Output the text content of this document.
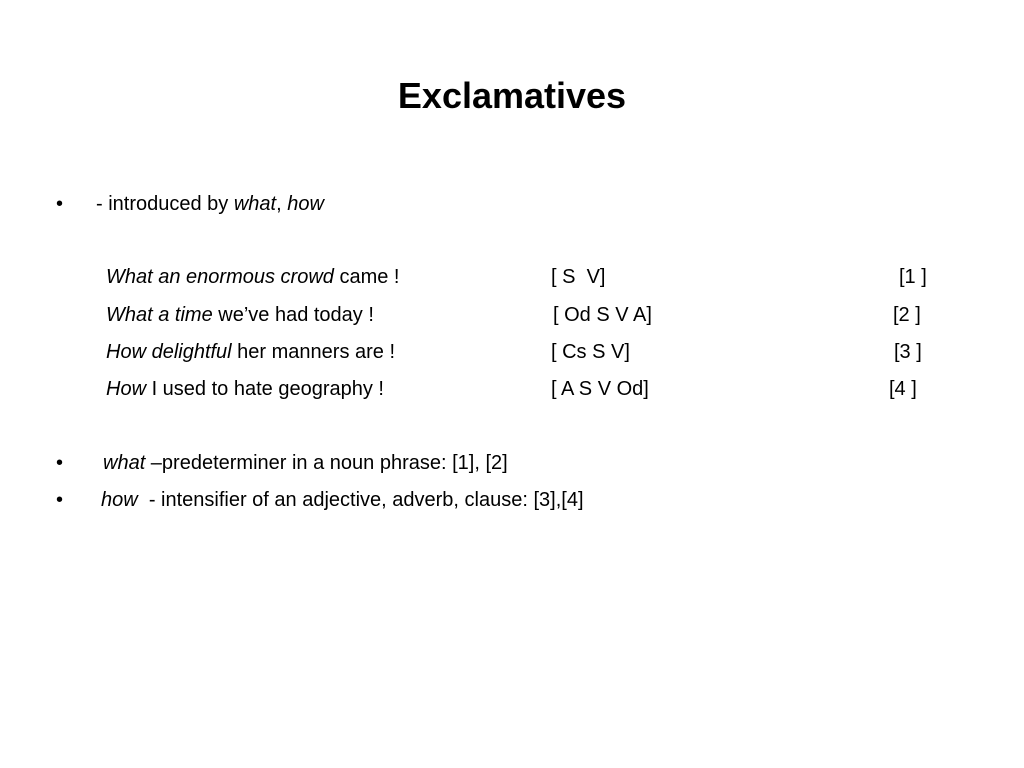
Exclamatives
• - introduced by what, how
What an enormous crowd came !	[ S  V]	[1 ]
What a time we’ve had today !	[ Od S V A]	[2 ]
How delightful her manners are !	[ Cs S V]	[3 ]
How I used to hate geography !	[ A S V Od]	[4 ]
• what –predeterminer in a noun phrase: [1], [2]
• how  - intensifier of an adjective, adverb, clause: [3],[4]
